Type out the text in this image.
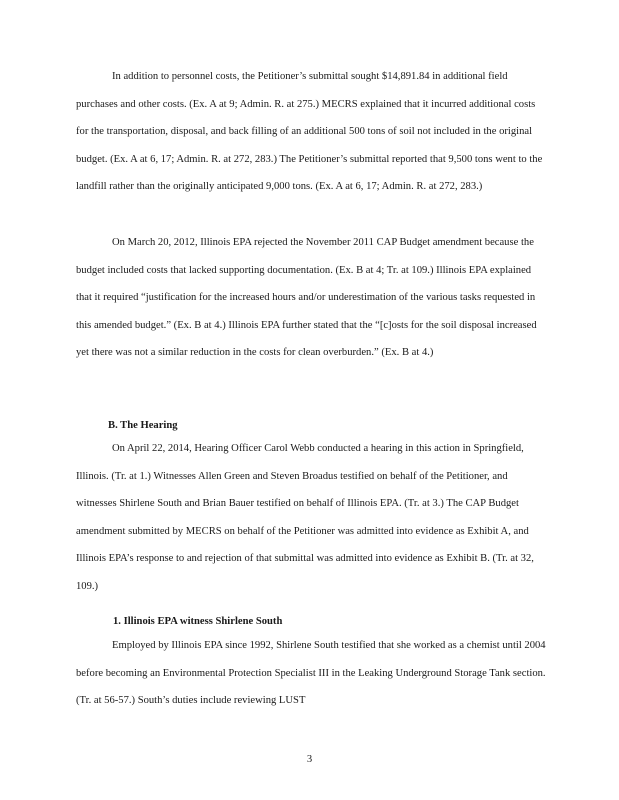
In addition to personnel costs, the Petitioner’s submittal sought $14,891.84 in additional field purchases and other costs. (Ex. A at 9; Admin. R. at 275.) MECRS explained that it incurred additional costs for the transportation, disposal, and back filling of an additional 500 tons of soil not included in the original budget. (Ex. A at 6, 17; Admin. R. at 272, 283.) The Petitioner’s submittal reported that 9,500 tons went to the landfill rather than the originally anticipated 9,000 tons. (Ex. A at 6, 17; Admin. R. at 272, 283.)

On March 20, 2012, Illinois EPA rejected the November 2011 CAP Budget amendment because the budget included costs that lacked supporting documentation. (Ex. B at 4; Tr. at 109.) Illinois EPA explained that it required “justification for the increased hours and/or underestimation of the various tasks requested in this amended budget.” (Ex. B at 4.) Illinois EPA further stated that the “[c]osts for the soil disposal increased yet there was not a similar reduction in the costs for clean overburden.” (Ex. B at 4.)

B. The Hearing

On April 22, 2014, Hearing Officer Carol Webb conducted a hearing in this action in Springfield, Illinois. (Tr. at 1.) Witnesses Allen Green and Steven Broadus testified on behalf of the Petitioner, and witnesses Shirlene South and Brian Bauer testified on behalf of Illinois EPA. (Tr. at 3.) The CAP Budget amendment submitted by MECRS on behalf of the Petitioner was admitted into evidence as Exhibit A, and Illinois EPA’s response to and rejection of that submittal was admitted into evidence as Exhibit B. (Tr. at 32, 109.)

1. Illinois EPA witness Shirlene South

Employed by Illinois EPA since 1992, Shirlene South testified that she worked as a chemist until 2004 before becoming an Environmental Protection Specialist III in the Leaking Underground Storage Tank section. (Tr. at 56-57.) South’s duties include reviewing LUST

3
